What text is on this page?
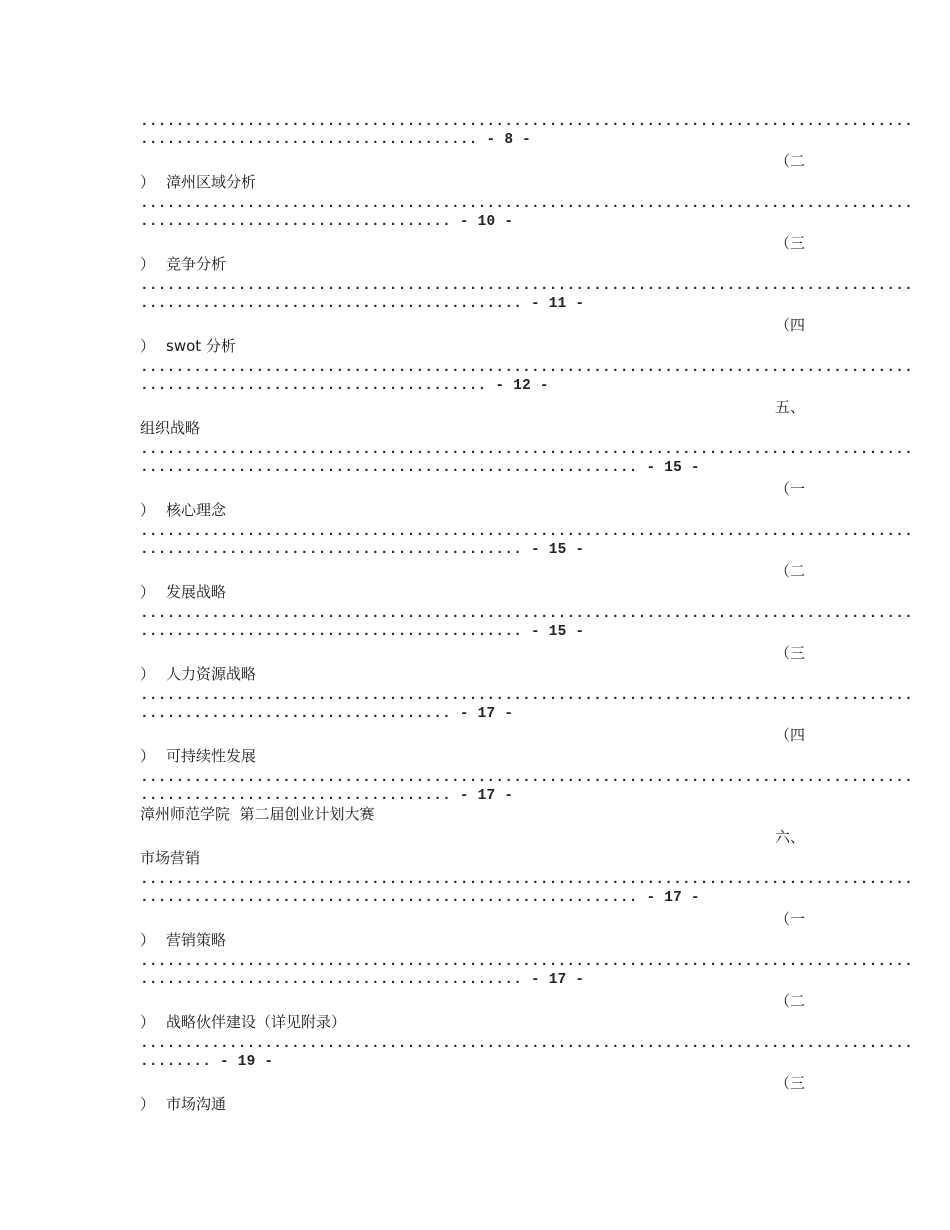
.......................................................................................
...................................... - 8 -
（二
） 漳州区域分析
.......................................................................................
................................... - 10 -
（三
） 竞争分析
.......................................................................................
........................................... - 11 -
（四
） swot 分析
.......................................................................................
....................................... - 12 -
五、
组织战略
.......................................................................................
........................................................ - 15 -
（一
） 核心理念
.......................................................................................
........................................... - 15 -
（二
） 发展战略
.......................................................................................
........................................... - 15 -
（三
） 人力资源战略
.......................................................................................
................................... - 17 -
（四
） 可持续性发展
.......................................................................................
................................... - 17 -
漳州师范学院  第二届创业计划大赛
六、
市场营销
.......................................................................................
........................................................ - 17 -
（一
） 营销策略
.......................................................................................
........................................... - 17 -
（二
） 战略伙伴建设（详见附录）
.......................................................................................
........ - 19 -
（三
） 市场沟通
